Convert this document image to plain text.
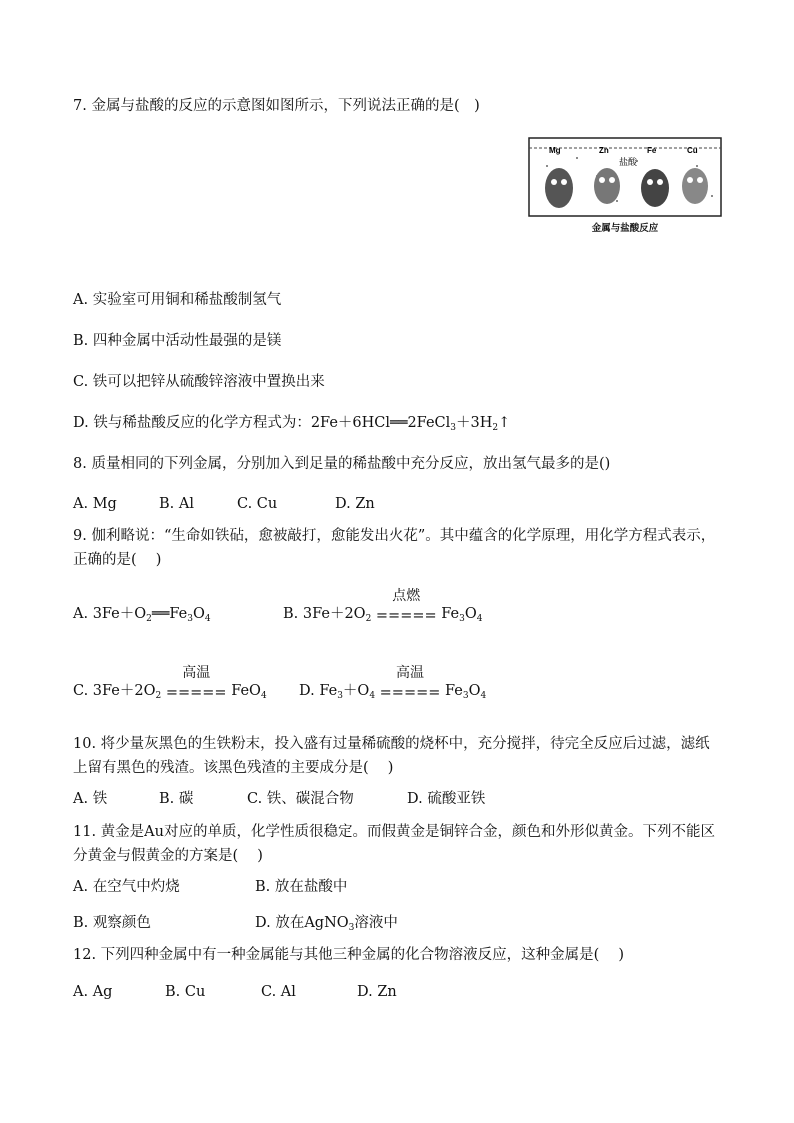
7. 金属与盐酸的反应的示意图如图所示，下列说法正确的是(　)
Mg	Zn	Fe	Cu
盐酸
金属与盐酸反应
A. 实验室可用铜和稀盐酸制氢气
B. 四种金属中活动性最强的是镁
C. 铁可以把锌从硫酸锌溶液中置换出来
D. 铁与稀盐酸反应的化学方程式为：$2Fe+6HCl══2FeCl_3+3H_2↑$
8. 质量相同的下列金属，分别加入到足量的稀盐酸中充分反应，放出氢气最多的是()
A. Mg	B. Al	C. Cu	D. Zn
9. 伽利略说：“生命如铁砧，愈被敲打，愈能发出火花”。其中蕴含的化学原理，用化学方程式表示，正确的是(　 )
A. $3Fe+O_2══Fe_3O_4$	B. $3Fe+2O_2$
点燃
===== $Fe_3O_4$
C. $3Fe+2O_2$
高温
===== FeO$_4$ D. $Fe_3+O_4$
高温
===== $Fe_3O_4$
10. 将少量灰黑色的生铁粉末，投入盛有过量稀硫酸的烧杯中，充分搅拌，待完全反应后过滤，滤纸上留有黑色的残渣。该黑色残渣的主要成分是(　 )
A. 铁	B. 碳	C. 铁、碳混合物	D. 硫酸亚铁
11. 黄金是Au对应的单质，化学性质很稳定。而假黄金是铜锌合金，颜色和外形似黄金。下列不能区分黄金与假黄金的方案是(　 )
A. 在空气中灼烧	B. 放在盐酸中
B. 观察颜色	D. 放在AgNO$_3$溶液中
12. 下列四种金属中有一种金属能与其他三种金属的化合物溶液反应，这种金属是(　 )
A. Ag	B. Cu	C. Al	D. Zn
